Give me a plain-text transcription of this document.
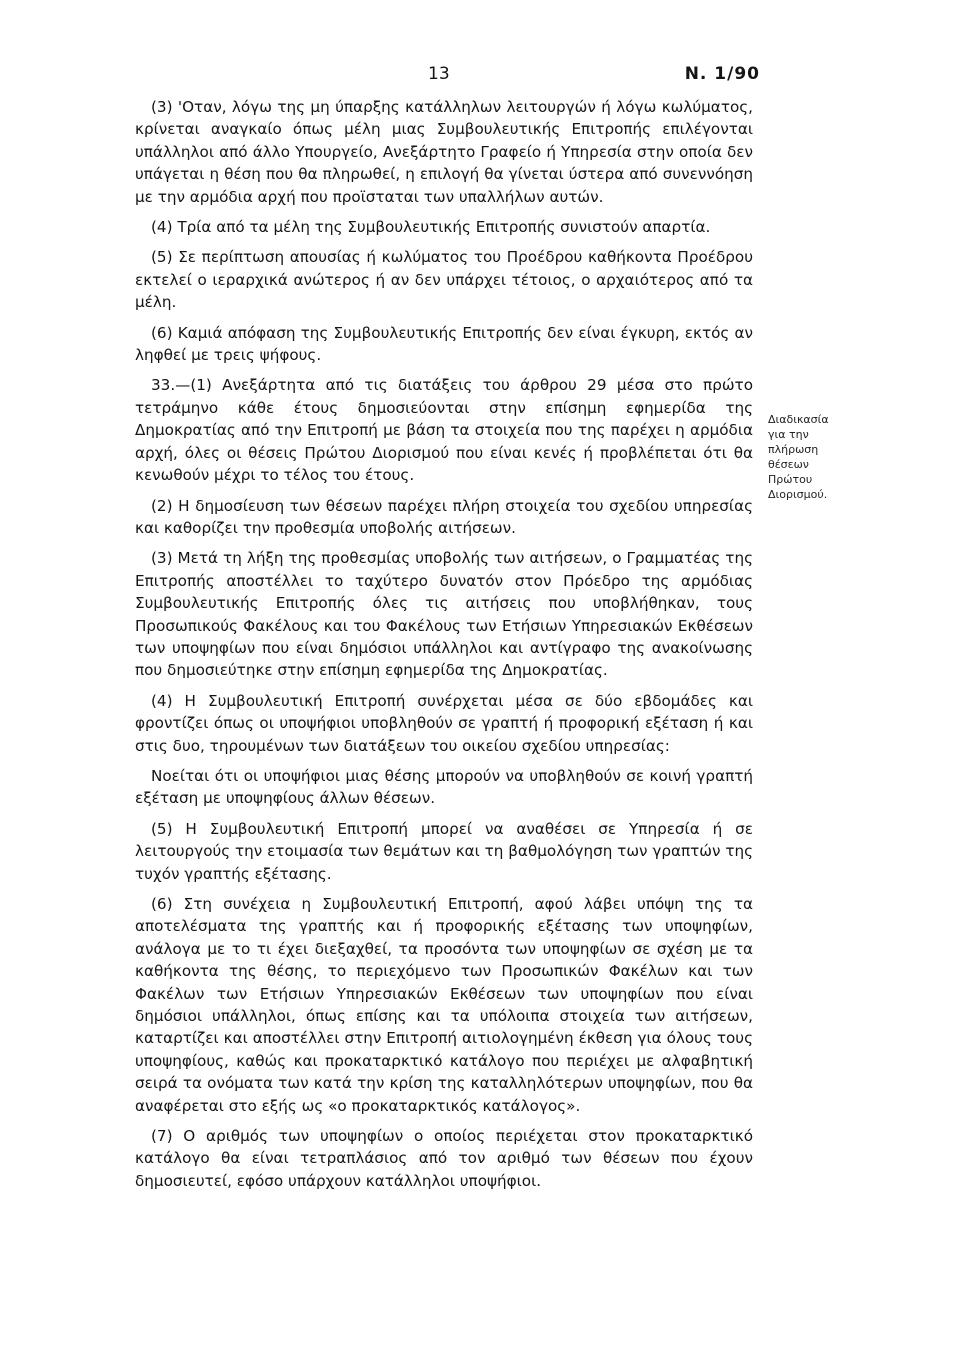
13	Ν. 1/90

(3) 'Οταν, λόγω της μη ύπαρξης κατάλληλων λειτουργών ή λόγω κωλύματος, κρίνεται αναγκαίο όπως μέλη μιας Συμβουλευτικής Επιτροπής επιλέγονται υπάλληλοι από άλλο Υπουργείο, Ανεξάρτητο Γραφείο ή Υπηρεσία στην οποία δεν υπάγεται η θέση που θα πληρωθεί, η επιλογή θα γίνεται ύστερα από συνεννόηση με την αρμόδια αρχή που προϊσταται των υπαλλήλων αυτών.

(4) Τρία από τα μέλη της Συμβουλευτικής Επιτροπής συνιστούν απαρτία.

(5) Σε περίπτωση απουσίας ή κωλύματος του Προέδρου καθήκοντα Προέδρου εκτελεί ο ιεραρχικά ανώτερος ή αν δεν υπάρχει τέτοιος, ο αρχαιότερος από τα μέλη.

(6) Καμιά απόφαση της Συμβουλευτικής Επιτροπής δεν είναι έγκυρη, εκτός αν ληφθεί με τρεις ψήφους.

33.—(1) Ανεξάρτητα από τις διατάξεις του άρθρου 29 μέσα στο πρώτο τετράμηνο κάθε έτους δημοσιεύονται στην επίσημη εφημερίδα της Δημοκρατίας από την Επιτροπή με βάση τα στοιχεία που της παρέχει η αρμόδια αρχή, όλες οι θέσεις Πρώτου Διορισμού που είναι κενές ή προβλέπεται ότι θα κενωθούν μέχρι το τέλος του έτους.

(2) Η δημοσίευση των θέσεων παρέχει πλήρη στοιχεία του σχεδίου υπηρεσίας και καθορίζει την προθεσμία υποβολής αιτήσεων.

(3) Μετά τη λήξη της προθεσμίας υποβολής των αιτήσεων, ο Γραμματέας της Επιτροπής αποστέλλει το ταχύτερο δυνατόν στον Πρόεδρο της αρμόδιας Συμβουλευτικής Επιτροπής όλες τις αιτήσεις που υποβλήθηκαν, τους Προσωπικούς Φακέλους και του Φακέλους των Ετήσιων Υπηρεσιακών Εκθέσεων των υποψηφίων που είναι δημόσιοι υπάλληλοι και αντίγραφο της ανακοίνωσης που δημοσιεύτηκε στην επίσημη εφημερίδα της Δημοκρατίας.

(4) Η Συμβουλευτική Επιτροπή συνέρχεται μέσα σε δύο εβδομάδες και φροντίζει όπως οι υποψήφιοι υποβληθούν σε γραπτή ή προφορική εξέταση ή και στις δυο, τηρουμένων των διατάξεων του οικείου σχεδίου υπηρεσίας:

Νοείται ότι οι υποψήφιοι μιας θέσης μπορούν να υποβληθούν σε κοινή γραπτή εξέταση με υποψηφίους άλλων θέσεων.

(5) Η Συμβουλευτική Επιτροπή μπορεί να αναθέσει σε Υπηρεσία ή σε λειτουργούς την ετοιμασία των θεμάτων και τη βαθμολόγηση των γραπτών της τυχόν γραπτής εξέτασης.

(6) Στη συνέχεια η Συμβουλευτική Επιτροπή, αφού λάβει υπόψη της τα αποτελέσματα της γραπτής και ή προφορικής εξέτασης των υποψηφίων, ανάλογα με το τι έχει διεξαχθεί, τα προσόντα των υποψηφίων σε σχέση με τα καθήκοντα της θέσης, το περιεχόμενο των Προσωπικών Φακέλων και των Φακέλων των Ετήσιων Υπηρεσιακών Εκθέσεων των υποψηφίων που είναι δημόσιοι υπάλληλοι, όπως επίσης και τα υπόλοιπα στοιχεία των αιτήσεων, καταρτίζει και αποστέλλει στην Επιτροπή αιτιολογημένη έκθεση για όλους τους υποψηφίους, καθώς και προκαταρκτικό κατάλογο που περιέχει με αλφαβητική σειρά τα ονόματα των κατά την κρίση της καταλληλότερων υποψηφίων, που θα αναφέρεται στο εξής ως «ο προκαταρκτικός κατάλογος».

(7) Ο αριθμός των υποψηφίων ο οποίος περιέχεται στον προκαταρκτικό κατάλογο θα είναι τετραπλάσιος από τον αριθμό των θέσεων που έχουν δημοσιευτεί, εφόσο υπάρχουν κατάλληλοι υποψήφιοι.

Διαδικασία
για την
πλήρωση
θέσεων
Πρώτου
Διορισμού.
